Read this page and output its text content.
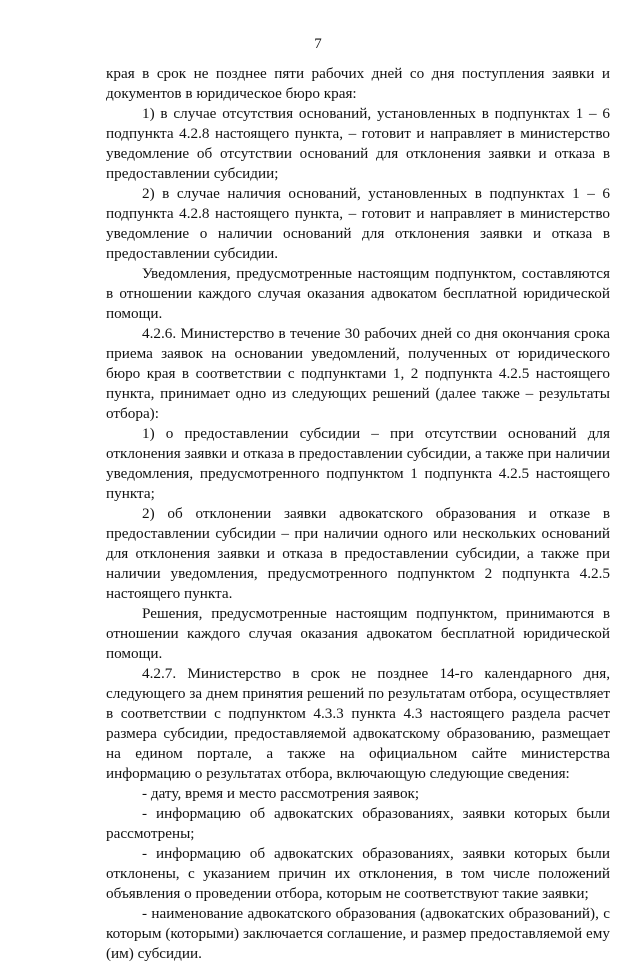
7

края в срок не позднее пяти рабочих дней со дня поступления заявки и документов в юридическое бюро края:

1) в случае отсутствия оснований, установленных в подпунктах 1 – 6 подпункта 4.2.8 настоящего пункта, – готовит и направляет в министерство уведомление об отсутствии оснований для отклонения заявки и отказа в предоставлении субсидии;

2) в случае наличия оснований, установленных в подпунктах 1 – 6 подпункта 4.2.8 настоящего пункта, – готовит и направляет в министерство уведомление о наличии оснований для отклонения заявки и отказа в предоставлении субсидии.

Уведомления, предусмотренные настоящим подпунктом, составляются в отношении каждого случая оказания адвокатом бесплатной юридической помощи.

4.2.6. Министерство в течение 30 рабочих дней со дня окончания срока приема заявок на основании уведомлений, полученных от юридического бюро края в соответствии с подпунктами 1, 2 подпункта 4.2.5 настоящего пункта, принимает одно из следующих решений (далее также – результаты отбора):

1) о предоставлении субсидии – при отсутствии оснований для отклонения заявки и отказа в предоставлении субсидии, а также при наличии уведомления, предусмотренного подпунктом 1 подпункта 4.2.5 настоящего пункта;

2) об отклонении заявки адвокатского образования и отказе в предоставлении субсидии – при наличии одного или нескольких оснований для отклонения заявки и отказа в предоставлении субсидии, а также при наличии уведомления, предусмотренного подпунктом 2 подпункта 4.2.5 настоящего пункта.

Решения, предусмотренные настоящим подпунктом, принимаются в отношении каждого случая оказания адвокатом бесплатной юридической помощи.

4.2.7. Министерство в срок не позднее 14-го календарного дня, следующего за днем принятия решений по результатам отбора, осуществляет в соответствии с подпунктом 4.3.3 пункта 4.3 настоящего раздела расчет размера субсидии, предоставляемой адвокатскому образованию, размещает на едином портале, а также на официальном сайте министерства информацию о результатах отбора, включающую следующие сведения:

- дату, время и место рассмотрения заявок;

- информацию об адвокатских образованиях, заявки которых были рассмотрены;

- информацию об адвокатских образованиях, заявки которых были отклонены, с указанием причин их отклонения, в том числе положений объявления о проведении отбора, которым не соответствуют такие заявки;

- наименование адвокатского образования (адвокатских образований), с которым (которыми) заключается соглашение, и размер предоставляемой ему (им) субсидии.
